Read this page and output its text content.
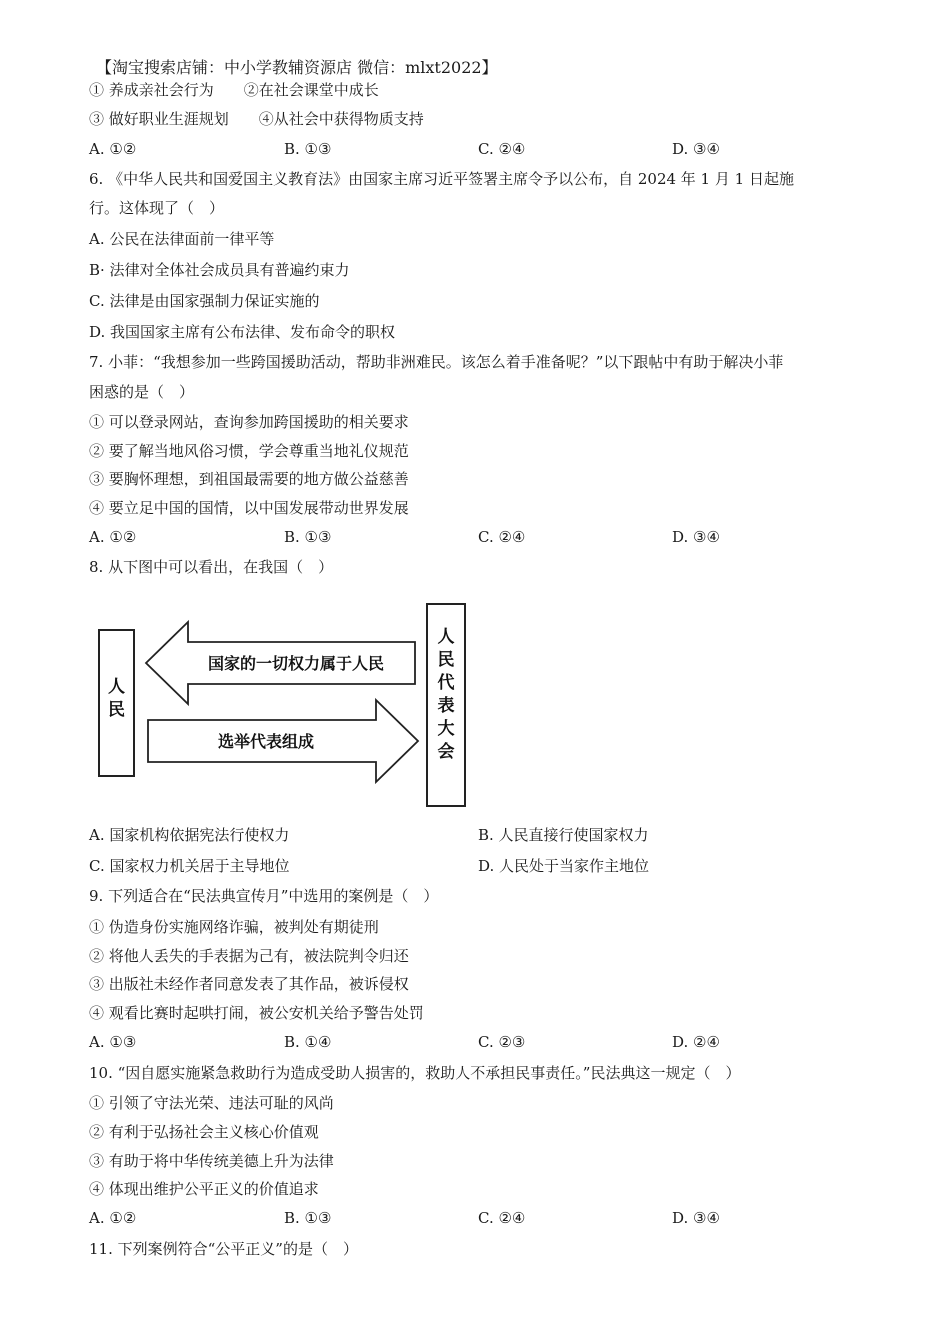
【淘宝搜索店铺：中小学教辅资源店 微信：mlxt2022】
① 养成亲社会行为　　②在社会课堂中成长
③ 做好职业生涯规划　　④从社会中获得物质支持
A. ①②	B. ①③	C. ②④	D. ③④
6. 《中华人民共和国爱国主义教育法》由国家主席习近平签署主席令予以公布，自 2024 年 1 月 1 日起施
行。这体现了（　）
A. 公民在法律面前一律平等
B· 法律对全体社会成员具有普遍约束力
C. 法律是由国家强制力保证实施的
D. 我国国家主席有公布法律、发布命令的职权
7. 小菲：“我想参加一些跨国援助活动，帮助非洲难民。该怎么着手准备呢？”以下跟帖中有助于解决小菲
困惑的是（　）
① 可以登录网站，查询参加跨国援助的相关要求
② 要了解当地风俗习惯，学会尊重当地礼仪规范
③ 要胸怀理想，到祖国最需要的地方做公益慈善
④ 要立足中国的国情，以中国发展带动世界发展
A. ①②	B. ①③	C. ②④	D. ③④
8. 从下图中可以看出，在我国（　）
人
民
人
民
代
表
大
会
国家的一切权力属于人民
选举代表组成
A. 国家机构依据宪法行使权力	B. 人民直接行使国家权力
C. 国家权力机关居于主导地位	D. 人民处于当家作主地位
9. 下列适合在“民法典宣传月”中选用的案例是（　）
① 伪造身份实施网络诈骗，被判处有期徒刑
② 将他人丢失的手表据为己有，被法院判令归还
③ 出版社未经作者同意发表了其作品，被诉侵权
④ 观看比赛时起哄打闹，被公安机关给予警告处罚
A. ①③	B. ①④	C. ②③	D. ②④
10. “因自愿实施紧急救助行为造成受助人损害的，救助人不承担民事责任。”民法典这一规定（　）
① 引领了守法光荣、违法可耻的风尚
② 有利于弘扬社会主义核心价值观
③ 有助于将中华传统美德上升为法律
④ 体现出维护公平正义的价值追求
A. ①②	B. ①③	C. ②④	D. ③④
11. 下列案例符合“公平正义”的是（　）
